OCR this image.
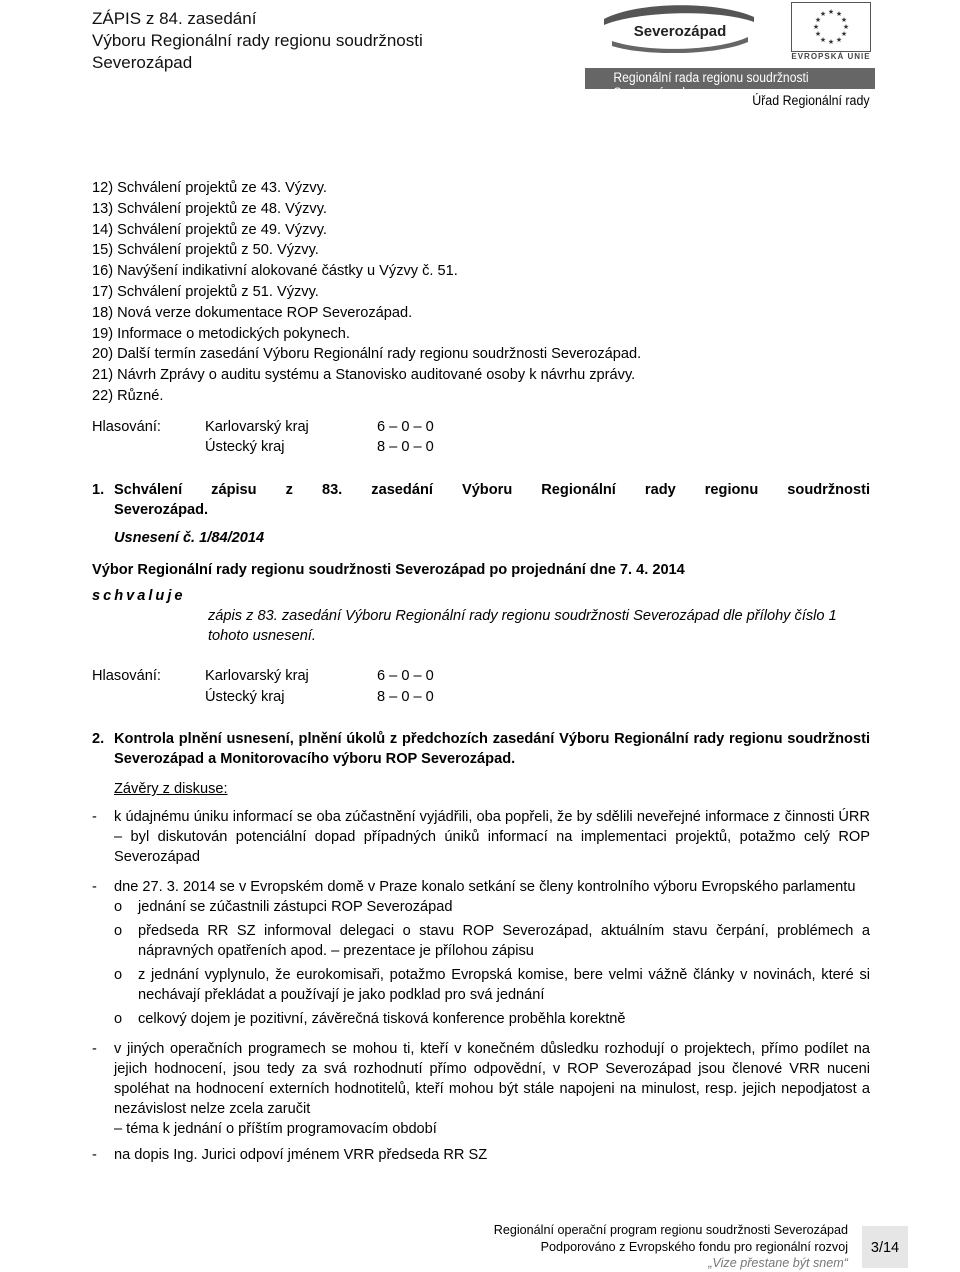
ZÁPIS z 84. zasedání
Výboru Regionální rady regionu soudržnosti
Severozápad
Severozápad
★ ★
★
★
★
★
★
★
★
★
★
★
EVROPSKÁ UNIE
Regionální rada regionu soudržnosti Severozápad
Úřad Regionální rady
12) Schválení projektů ze 43. Výzvy.
13) Schválení projektů ze 48. Výzvy.
14) Schválení projektů ze 49. Výzvy.
15) Schválení projektů z 50. Výzvy.
16) Navýšení indikativní alokované částky u Výzvy č. 51.
17) Schválení projektů z 51. Výzvy.
18) Nová verze dokumentace ROP Severozápad.
19) Informace o metodických pokynech.
20) Další termín zasedání Výboru Regionální rady regionu soudržnosti Severozápad.
21) Návrh Zprávy o auditu systému a Stanovisko auditované osoby k návrhu zprávy.
22) Různé.
Hlasování:	Karlovarský kraj	6 – 0 – 0
Ústecký kraj	8 – 0 – 0
1. Schválení zápisu z 83. zasedání Výboru Regionální rady regionu soudržnosti Severozápad.
Usnesení č. 1/84/2014
Výbor Regionální rady regionu soudržnosti Severozápad po projednání dne 7. 4. 2014
schvaluje
zápis z 83. zasedání Výboru Regionální rady regionu soudržnosti Severozápad dle přílohy číslo 1 tohoto usnesení.
Hlasování:	Karlovarský kraj	6 – 0 – 0
Ústecký kraj	8 – 0 – 0
2. Kontrola plnění usnesení, plnění úkolů z předchozích zasedání Výboru Regionální rady regionu soudržnosti Severozápad a Monitorovacího výboru ROP Severozápad.
Závěry z diskuse:
-	k údajnému úniku informací se oba zúčastnění vyjádřili, oba popřeli, že by sdělili neveřejné informace z činnosti ÚRR – byl diskutován potenciální dopad případných úniků informací na implementaci projektů, potažmo celý ROP Severozápad
-	dne 27. 3. 2014 se v Evropském domě v Praze konalo setkání se členy kontrolního výboru Evropského parlamentu
o	jednání se zúčastnili zástupci ROP Severozápad
o	předseda RR SZ informoval delegaci o stavu ROP Severozápad, aktuálním stavu čerpání, problémech a nápravných opatřeních apod. – prezentace je přílohou zápisu
o	z jednání vyplynulo, že eurokomisaři, potažmo Evropská komise, bere velmi vážně články v novinách, které si nechávají překládat a používají je jako podklad pro svá jednání
o	celkový dojem je pozitivní, závěrečná tisková konference proběhla korektně
-	v jiných operačních programech se mohou ti, kteří v konečném důsledku rozhodují o projektech, přímo podílet na jejich hodnocení, jsou tedy za svá rozhodnutí přímo odpovědní, v ROP Severozápad jsou členové VRR nuceni spoléhat na hodnocení externích hodnotitelů, kteří mohou být stále napojeni na minulost, resp. jejich nepodjatost a nezávislost nelze zcela zaručit
– téma k jednání o příštím programovacím období
-	na dopis Ing. Jurici odpoví jménem VRR předseda RR SZ
Regionální operační program regionu soudržnosti Severozápad
Podporováno z Evropského fondu pro regionální rozvoj
„Vize přestane být snem“
3/14
